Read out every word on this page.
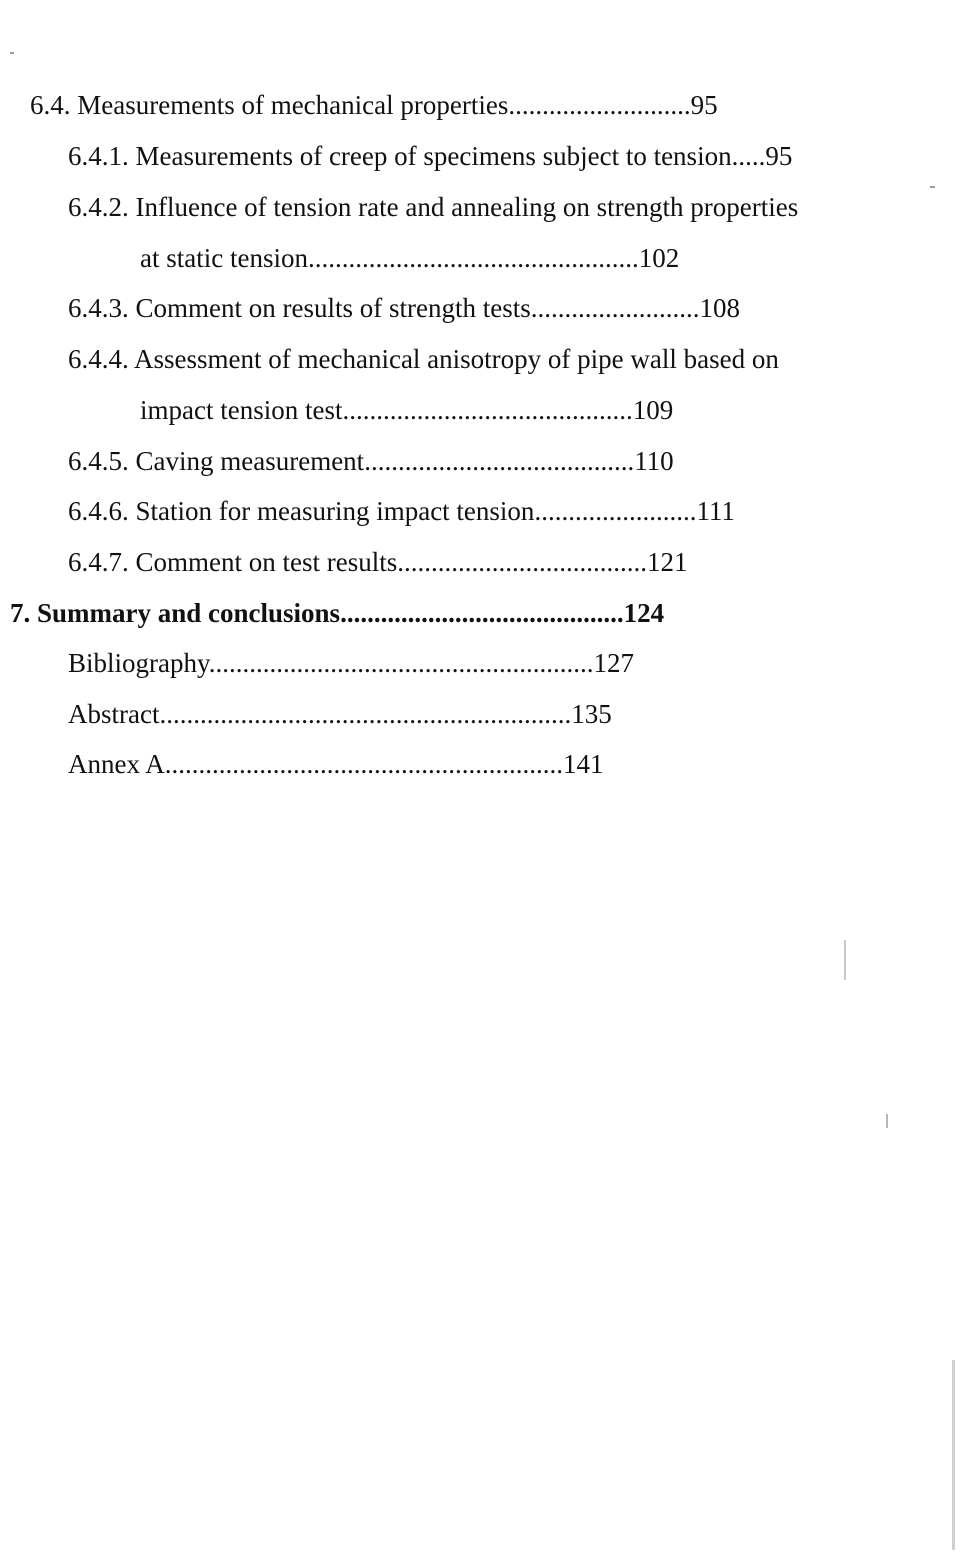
6.4. Measurements of mechanical properties...........................95
6.4.1. Measurements of creep of specimens subject to tension.....95
6.4.2. Influence of tension rate and annealing on strength properties
at static tension.................................................102
6.4.3. Comment on results of strength tests.........................108
6.4.4. Assessment of mechanical anisotropy of pipe wall based on
impact tension test...........................................109
6.4.5. Caving measurement........................................110
6.4.6. Station for measuring impact tension........................111
6.4.7. Comment on test results.....................................121
7. Summary and conclusions..........................................124
Bibliography.........................................................127
Abstract.............................................................135
Annex A...........................................................141
